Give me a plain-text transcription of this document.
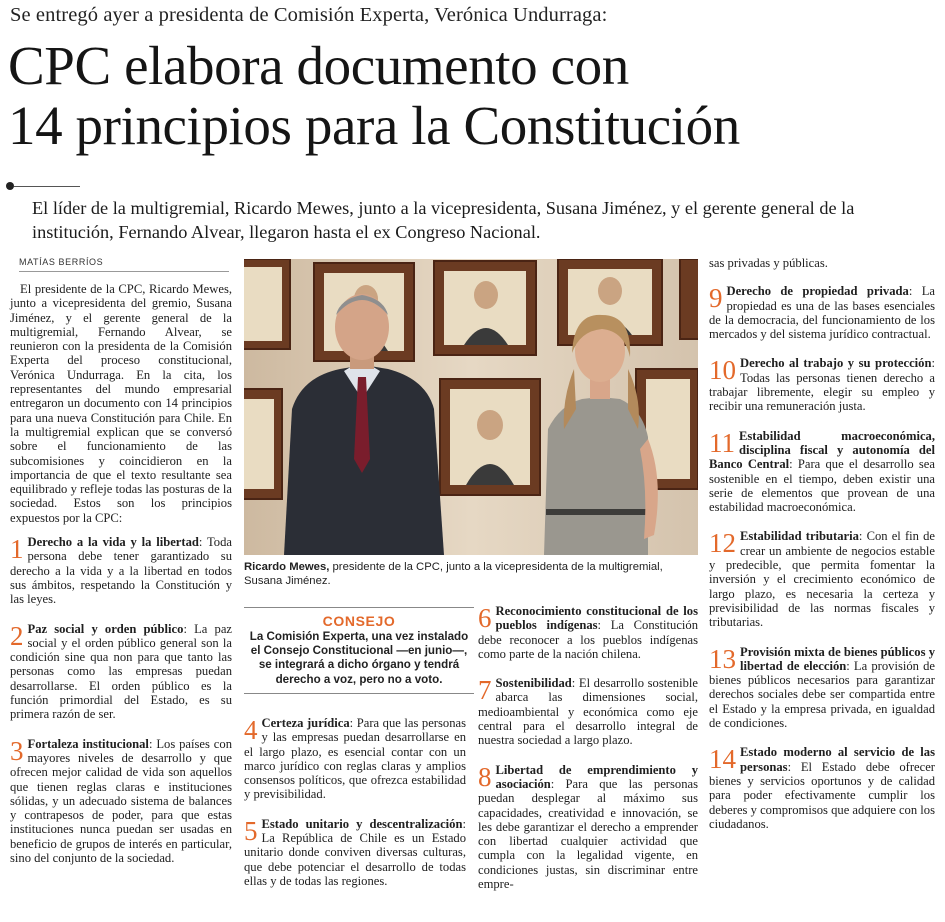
Se entregó ayer a presidenta de Comisión Experta, Verónica Undurraga:
CPC elabora documento con
14 principios para la Constitución
El líder de la multigremial, Ricardo Mewes, junto a la vicepresidenta, Susana Jiménez, y el gerente general de la institución, Fernando Alvear, llegaron hasta el ex Congreso Nacional.
MATÍAS BERRÍOS

El presidente de la CPC, Ricardo Mewes, junto a vicepresidenta del gremio, Susana Jiménez, y el gerente general de la multigremial, Fernando Alvear, se reunieron con la presidenta de la Comisión Experta del proceso constitucional, Verónica Undurraga. En la cita, los representantes del mundo empresarial entregaron un documento con 14 principios para una nueva Constitución para Chile. En la multigremial explican que se conversó sobre el funcionamiento de las subcomisiones y coincidieron en la importancia de que el texto resultante sea equilibrado y refleje todas las posturas de la sociedad. Estos son los principios expuestos por la CPC:

1 Derecho a la vida y la libertad: Toda persona debe tener garantizado su derecho a la vida y a la libertad en todos sus ámbitos, respetando la Constitución y las leyes.
2 Paz social y orden público: La paz social y el orden público general son la condición sine qua non para que tanto las personas como las empresas puedan desarrollarse. El orden público es la función primordial del Estado, es su primera razón de ser.
3 Fortaleza institucional: Los países con mayores niveles de desarrollo y que ofrecen mejor calidad de vida son aquellos que tienen reglas claras e instituciones sólidas, y un adecuado sistema de balances y contrapesos de poder, para que estas instituciones nunca puedan ser usadas en beneficio de grupos de interés en particular, sino del conjunto de la sociedad.
Ricardo Mewes, presidente de la CPC, junto a la vicepresidenta de la multigremial, Susana Jiménez.
CONSEJO
La Comisión Experta, una vez instalado el Consejo Constitucional —en junio—, se integrará a dicho órgano y tendrá derecho a voz, pero no a voto.
4 Certeza jurídica: Para que las personas y las empresas puedan desarrollarse en el largo plazo, es esencial contar con un marco jurídico con reglas claras y amplios consensos políticos, que ofrezca estabilidad y previsibilidad.
5 Estado unitario y descentralización: La República de Chile es un Estado unitario donde conviven diversas culturas, que debe potenciar el desarrollo de todas ellas y de todas las regiones.
6 Reconocimiento constitucional de los pueblos indígenas: La Constitución debe reconocer a los pueblos indígenas como parte de la nación chilena.
7 Sostenibilidad: El desarrollo sostenible abarca las dimensiones social, medioambiental y económica como eje central para el desarrollo integral de nuestra sociedad a largo plazo.
8 Libertad de emprendimiento y asociación: Para que las personas puedan desplegar al máximo sus capacidades, creatividad e innovación, se les debe garantizar el derecho a emprender con libertad cualquier actividad que cumpla con la legalidad vigente, en condiciones justas, sin discriminar entre empre-

sas privadas y públicas.

9 Derecho de propiedad privada: La propiedad es una de las bases esenciales de la democracia, del funcionamiento de los mercados y del sistema jurídico contractual.
10 Derecho al trabajo y su protección: Todas las personas tienen derecho a trabajar libremente, elegir su empleo y recibir una remuneración justa.
11 Estabilidad macroeconómica, disciplina fiscal y autonomía del Banco Central: Para que el desarrollo sea sostenible en el tiempo, deben existir una serie de elementos que provean de una estabilidad macroeconómica.
12 Estabilidad tributaria: Con el fin de crear un ambiente de negocios estable y predecible, que permita fomentar la inversión y el crecimiento económico de largo plazo, es necesaria la certeza y previsibilidad de las normas fiscales y tributarias.
13 Provisión mixta de bienes públicos y libertad de elección: La provisión de bienes públicos necesarios para garantizar derechos sociales debe ser compartida entre el Estado y la empresa privada, en igualdad de condiciones.
14 Estado moderno al servicio de las personas: El Estado debe ofrecer bienes y servicios oportunos y de calidad para poder efectivamente cumplir los deberes y compromisos que adquiere con los ciudadanos.
